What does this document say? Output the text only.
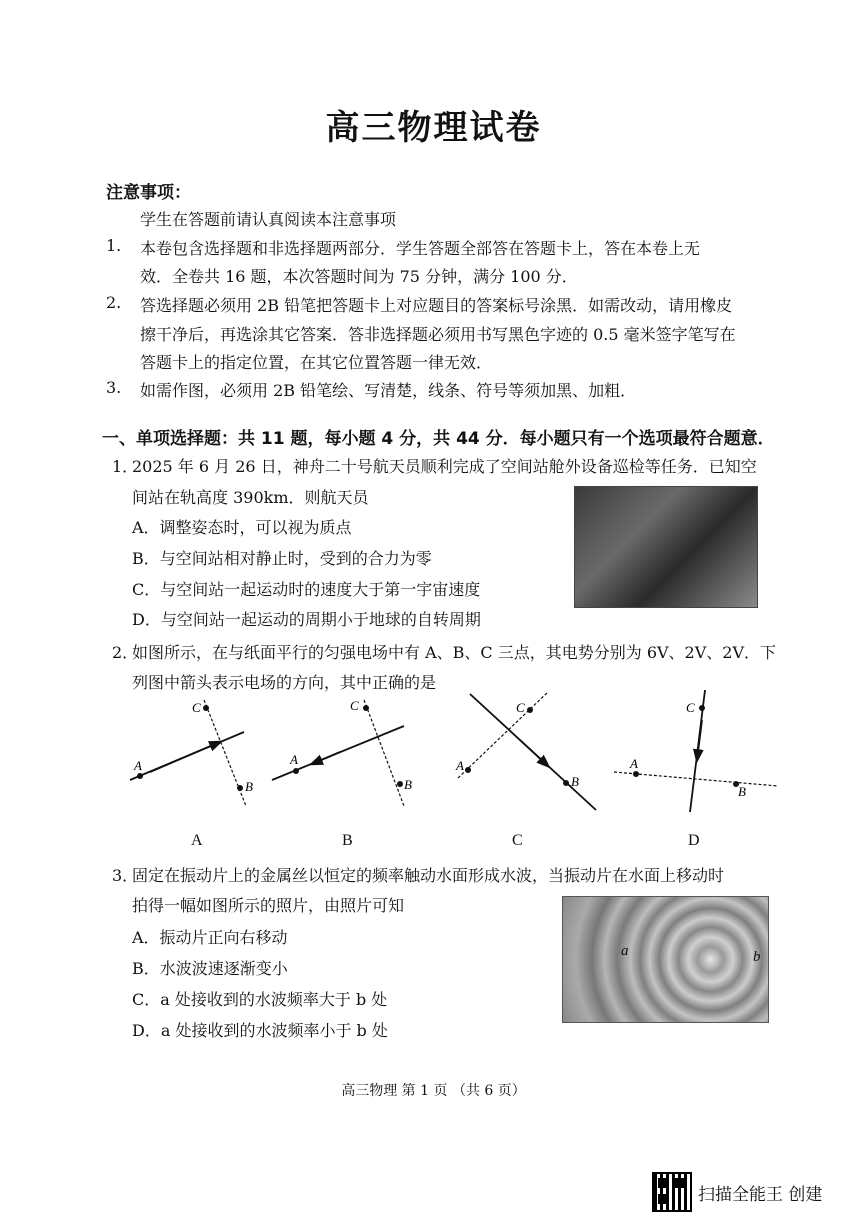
高三物理试卷
注意事项：
学生在答题前请认真阅读本注意事项
1. 本卷包含选择题和非选择题两部分．学生答题全部答在答题卡上，答在本卷上无
效．全卷共 16 题，本次答题时间为 75 分钟，满分 100 分．
2. 答选择题必须用 2B 铅笔把答题卡上对应题目的答案标号涂黑．如需改动，请用橡皮
擦干净后，再选涂其它答案．答非选择题必须用书写黑色字迹的 0.5 毫米签字笔写在
答题卡上的指定位置，在其它位置答题一律无效．
3. 如需作图，必须用 2B 铅笔绘、写清楚，线条、符号等须加黑、加粗．
一、单项选择题：共 11 题，每小题 4 分，共 44 分．每小题只有一个选项最符合题意．
1．
2025 年 6 月 26 日，神舟二十号航天员顺利完成了空间站舱外设备巡检等任务．已知空
间站在轨高度 390km．则航天员
A．调整姿态时，可以视为质点
B．与空间站相对静止时，受到的合力为零
C．与空间站一起运动时的速度大于第一宇宙速度
D．与空间站一起运动的周期小于地球的自转周期
2．
如图所示，在与纸面平行的匀强电场中有 A、B、C 三点，其电势分别为 6V、2V、2V．下
列图中箭头表示电场的方向，其中正确的是
A
C
B
A
C
B
A
C
B
A
C
B
A	B	C	D
3．
固定在振动片上的金属丝以恒定的频率触动水面形成水波，当振动片在水面上移动时
拍得一幅如图所示的照片，由照片可知
A．振动片正向右移动
B．水波波速逐渐变小
C．a 处接收到的水波频率大于 b 处
D．a 处接收到的水波频率小于 b 处
a	b
高三物理 第 1 页 （共 6 页）
扫描全能王 创建
